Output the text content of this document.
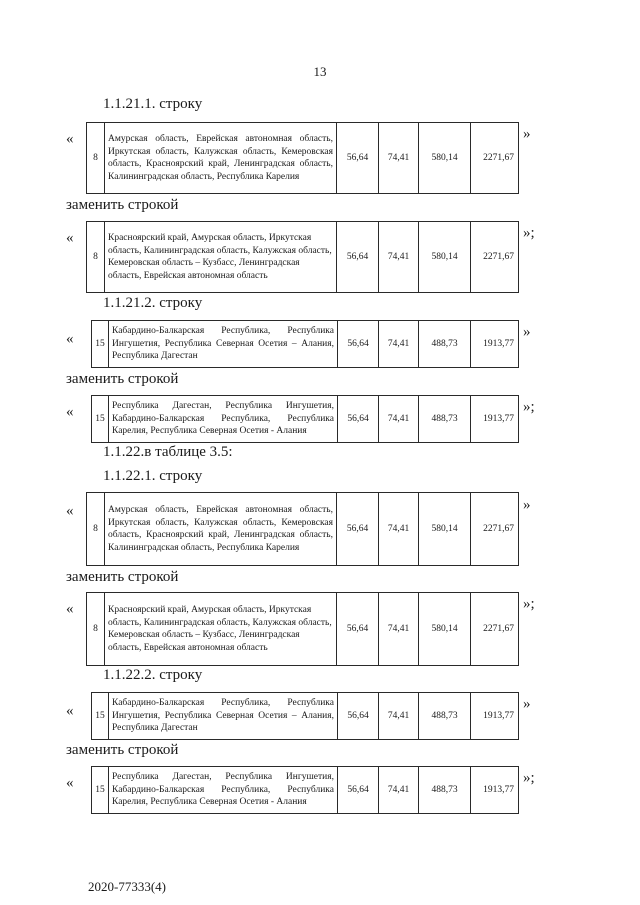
13
1.1.21.1. строку
«
8	Амурская область, Еврейская автономная область, Иркутская область, Калужская область, Кемеровская область, Красноярский край, Ленинградская область, Калининградская область, Республика Карелия	56,64	74,41	580,14	2271,67
»
заменить строкой
«
8	Красноярский край, Амурская область, Иркутская область, Калининградская область, Калужская область, Кемеровская область – Кузбасс, Ленинградская область, Еврейская автономная область	56,64	74,41	580,14	2271,67
»;
1.1.21.2. строку
« 15	Кабардино-Балкарская Республика, Республика Ингушетия, Республика Северная Осетия – Алания, Республика Дагестан	56,64	74,41	488,73	1913,77
»
заменить строкой
« 15	Республика Дагестан, Республика Ингушетия, Кабардино-Балкарская Республика, Республика Карелия, Республика Северная Осетия - Алания	56,64	74,41	488,73	1913,77
»;
1.1.22.в таблице 3.5:
1.1.22.1. строку
«
8	Амурская область, Еврейская автономная область, Иркутская область, Калужская область, Кемеровская область, Красноярский край, Ленинградская область, Калининградская область, Республика Карелия	56,64	74,41	580,14	2271,67
»
заменить строкой
«
8	Красноярский край, Амурская область, Иркутская область, Калининградская область, Калужская область, Кемеровская область – Кузбасс, Ленинградская область, Еврейская автономная область	56,64	74,41	580,14	2271,67
»;
1.1.22.2. строку
« 15	Кабардино-Балкарская Республика, Республика Ингушетия, Республика Северная Осетия – Алания, Республика Дагестан	56,64	74,41	488,73	1913,77
»
заменить строкой
« 15	Республика Дагестан, Республика Ингушетия, Кабардино-Балкарская Республика, Республика Карелия, Республика Северная Осетия - Алания	56,64	74,41	488,73	1913,77
»;
2020-77333(4)
